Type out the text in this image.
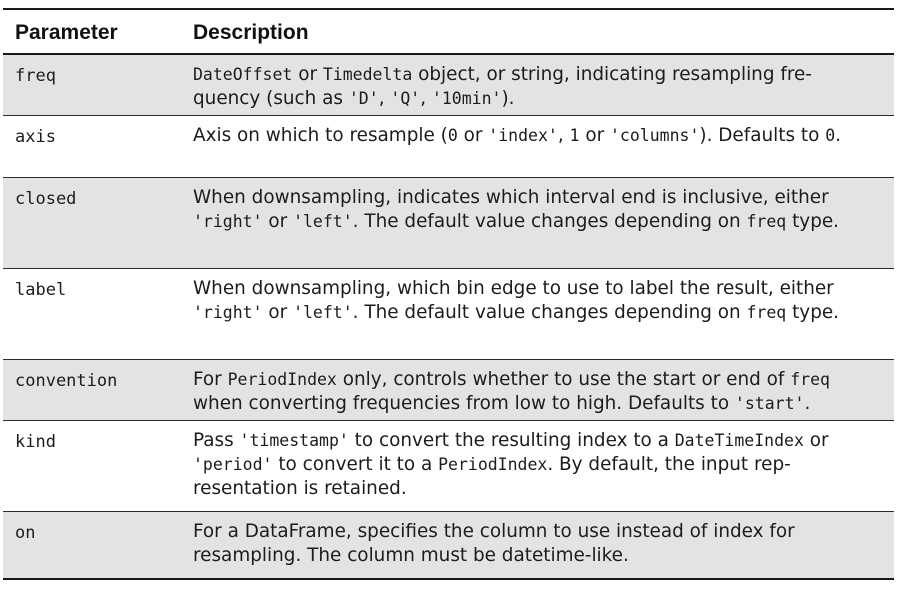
Parameter	Description
freq	DateOffset or Timedelta object, or string, indicating resampling fre- quency (such as 'D', 'Q', '10min').
axis	Axis on which to resample (0 or 'index', 1 or 'columns'). Defaults to 0.
closed	When downsampling, indicates which interval end is inclusive, either 'right' or 'left'. The default value changes depending on freq type.
label	When downsampling, which bin edge to use to label the result, either 'right' or 'left'. The default value changes depending on freq type.
convention	For PeriodIndex only, controls whether to use the start or end of freq when converting frequencies from low to high. Defaults to 'start'.
kind	Pass 'timestamp' to convert the resulting index to a DateTimeIndex or 'period' to convert it to a PeriodIndex. By default, the input rep- resentation is retained.
on	For a DataFrame, specifies the column to use instead of index for resampling. The column must be datetime-like.
